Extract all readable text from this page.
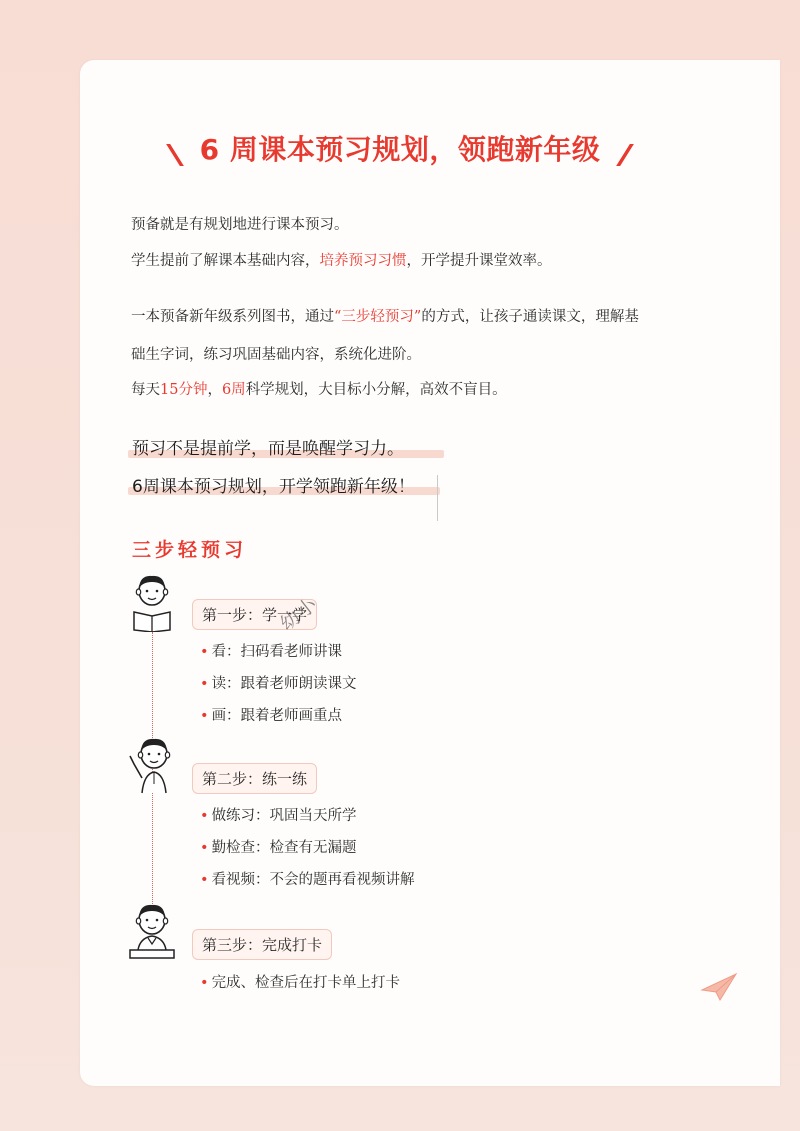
6 周课本预习规划，领跑新年级

预备就是有规划地进行课本预习。

学生提前了解课本基础内容，培养预习习惯，开学提升课堂效率。

一本预备新年级系列图书，通过“三步轻预习”的方式，让孩子通读课文，理解基

础生字词，练习巩固基础内容，系统化进阶。

每天15分钟，6周科学规划，大目标小分解，高效不盲目。

预习不是提前学，而是唤醒学习力。
6周课本预习规划，开学领跑新年级！
三步轻预习
第一步：学一学
• 看：扫码看老师讲课
• 读：跟着老师朗读课文
• 画：跟着老师画重点
第二步：练一练
• 做练习：巩固当天所学
• 勤检查：检查有无漏题
• 看视频：不会的题再看视频讲解
第三步：完成打卡
• 完成、检查后在打卡单上打卡
幼小
